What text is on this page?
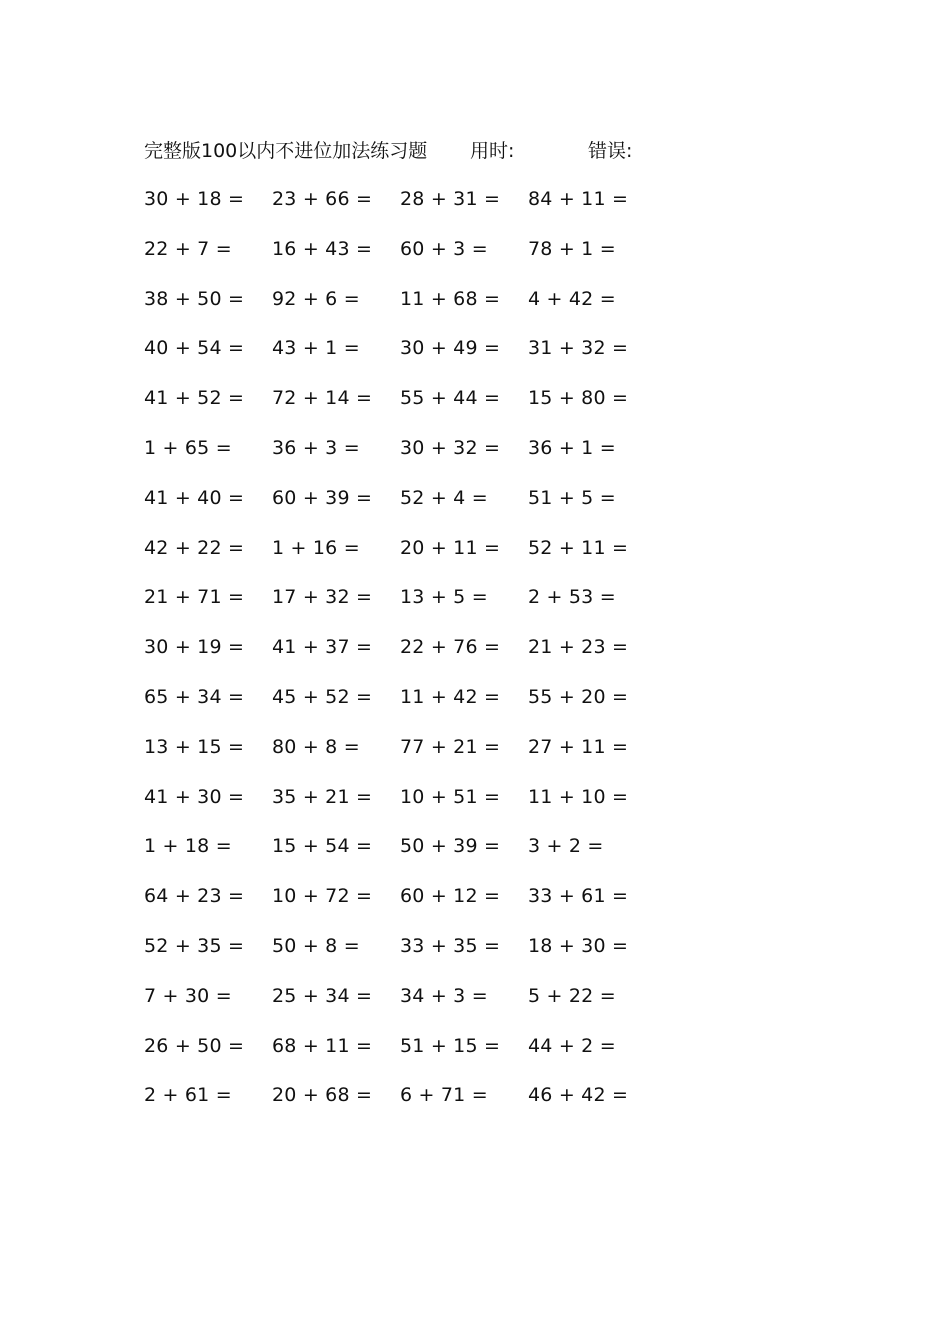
完整版100以内不进位加法练习题 用时:	错误:
30 + 18 =	23 + 66 =	28 + 31 =	84 + 11 =
22 + 7 =	16 + 43 =	60 + 3 =	78 + 1 =
38 + 50 =	92 + 6 =	11 + 68 =	4 + 42 =
40 + 54 =	43 + 1 =	30 + 49 =	31 + 32 =
41 + 52 =	72 + 14 =	55 + 44 =	15 + 80 =
1 + 65 =	36 + 3 =	30 + 32 =	36 + 1 =
41 + 40 =	60 + 39 =	52 + 4 =	51 + 5 =
42 + 22 =	1 + 16 =	20 + 11 =	52 + 11 =
21 + 71 =	17 + 32 =	13 + 5 =	2 + 53 =
30 + 19 =	41 + 37 =	22 + 76 =	21 + 23 =
65 + 34 =	45 + 52 =	11 + 42 =	55 + 20 =
13 + 15 =	80 + 8 =	77 + 21 =	27 + 11 =
41 + 30 =	35 + 21 =	10 + 51 =	11 + 10 =
1 + 18 =	15 + 54 =	50 + 39 =	3 + 2 =
64 + 23 =	10 + 72 =	60 + 12 =	33 + 61 =
52 + 35 =	50 + 8 =	33 + 35 =	18 + 30 =
7 + 30 =	25 + 34 =	34 + 3 =	5 + 22 =
26 + 50 =	68 + 11 =	51 + 15 =	44 + 2 =
2 + 61 =	20 + 68 =	6 + 71 =	46 + 42 =
